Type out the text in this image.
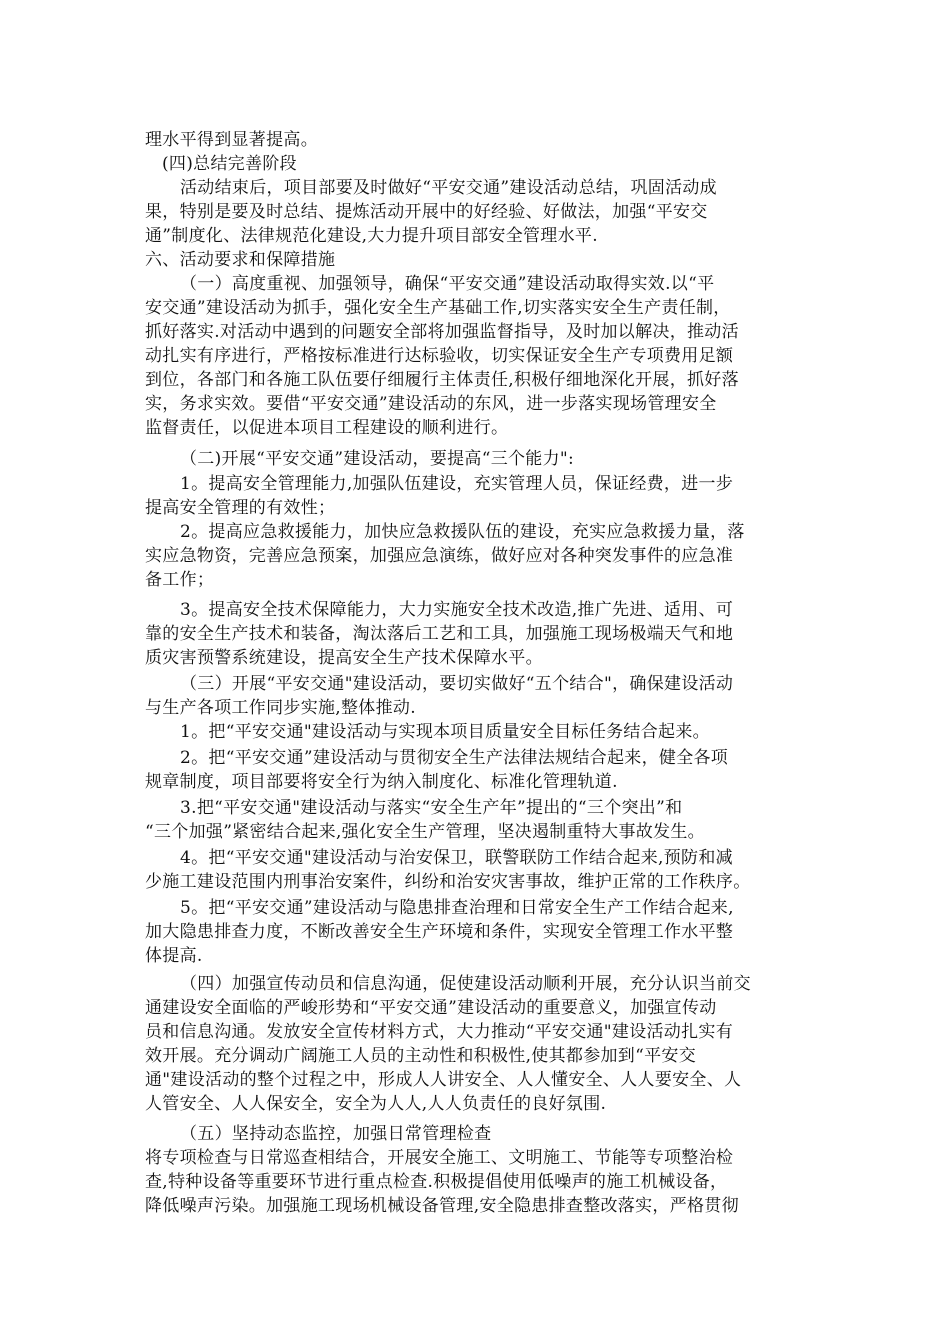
理水平得到显著提高。
(四)总结完善阶段
活动结束后，项目部要及时做好“平安交通”建设活动总结，巩固活动成
果，特别是要及时总结、提炼活动开展中的好经验、好做法，加强“平安交
通”制度化、法律规范化建设,大力提升项目部安全管理水平.
六、活动要求和保障措施
（一）高度重视、加强领导，确保“平安交通”建设活动取得实效.以“平
安交通”建设活动为抓手，强化安全生产基础工作,切实落实安全生产责任制，
抓好落实.对活动中遇到的问题安全部将加强监督指导，及时加以解决，推动活
动扎实有序进行，严格按标准进行达标验收，切实保证安全生产专项费用足额
到位，各部门和各施工队伍要仔细履行主体责任,积极仔细地深化开展，抓好落
实，务求实效。要借“平安交通”建设活动的东风，进一步落实现场管理安全
监督责任，以促进本项目工程建设的顺利进行。
（二)开展“平安交通”建设活动，要提高“三个能力":
1。提高安全管理能力,加强队伍建设，充实管理人员，保证经费，进一步
提高安全管理的有效性；
2。提高应急救援能力，加快应急救援队伍的建设，充实应急救援力量，落
实应急物资，完善应急预案，加强应急演练，做好应对各种突发事件的应急准
备工作；
3。提高安全技术保障能力，大力实施安全技术改造,推广先进、适用、可
靠的安全生产技术和装备，淘汰落后工艺和工具，加强施工现场极端天气和地
质灾害预警系统建设，提高安全生产技术保障水平。
（三）开展“平安交通"建设活动，要切实做好“五个结合"，确保建设活动
与生产各项工作同步实施,整体推动.
1。把“平安交通"建设活动与实现本项目质量安全目标任务结合起来。
2。把“平安交通”建设活动与贯彻安全生产法律法规结合起来，健全各项
规章制度，项目部要将安全行为纳入制度化、标准化管理轨道.
3.把“平安交通"建设活动与落实“安全生产年”提出的“三个突出”和
“三个加强”紧密结合起来,强化安全生产管理，坚决遏制重特大事故发生。
4。把“平安交通"建设活动与治安保卫，联警联防工作结合起来,预防和减
少施工建设范围内刑事治安案件，纠纷和治安灾害事故，维护正常的工作秩序。
5。把“平安交通”建设活动与隐患排查治理和日常安全生产工作结合起来,
加大隐患排查力度，不断改善安全生产环境和条件，实现安全管理工作水平整
体提高.
（四）加强宣传动员和信息沟通，促使建设活动顺利开展，充分认识当前交
通建设安全面临的严峻形势和“平安交通”建设活动的重要意义，加强宣传动
员和信息沟通。发放安全宣传材料方式，大力推动“平安交通"建设活动扎实有
效开展。充分调动广阔施工人员的主动性和积极性,使其都参加到“平安交
通"建设活动的整个过程之中，形成人人讲安全、人人懂安全、人人要安全、人
人管安全、人人保安全，安全为人人,人人负责任的良好氛围.
（五）坚持动态监控，加强日常管理检查
将专项检查与日常巡查相结合，开展安全施工、文明施工、节能等专项整治检
查,特种设备等重要环节进行重点检查.积极提倡使用低噪声的施工机械设备，
降低噪声污染。加强施工现场机械设备管理,安全隐患排查整改落实，严格贯彻
